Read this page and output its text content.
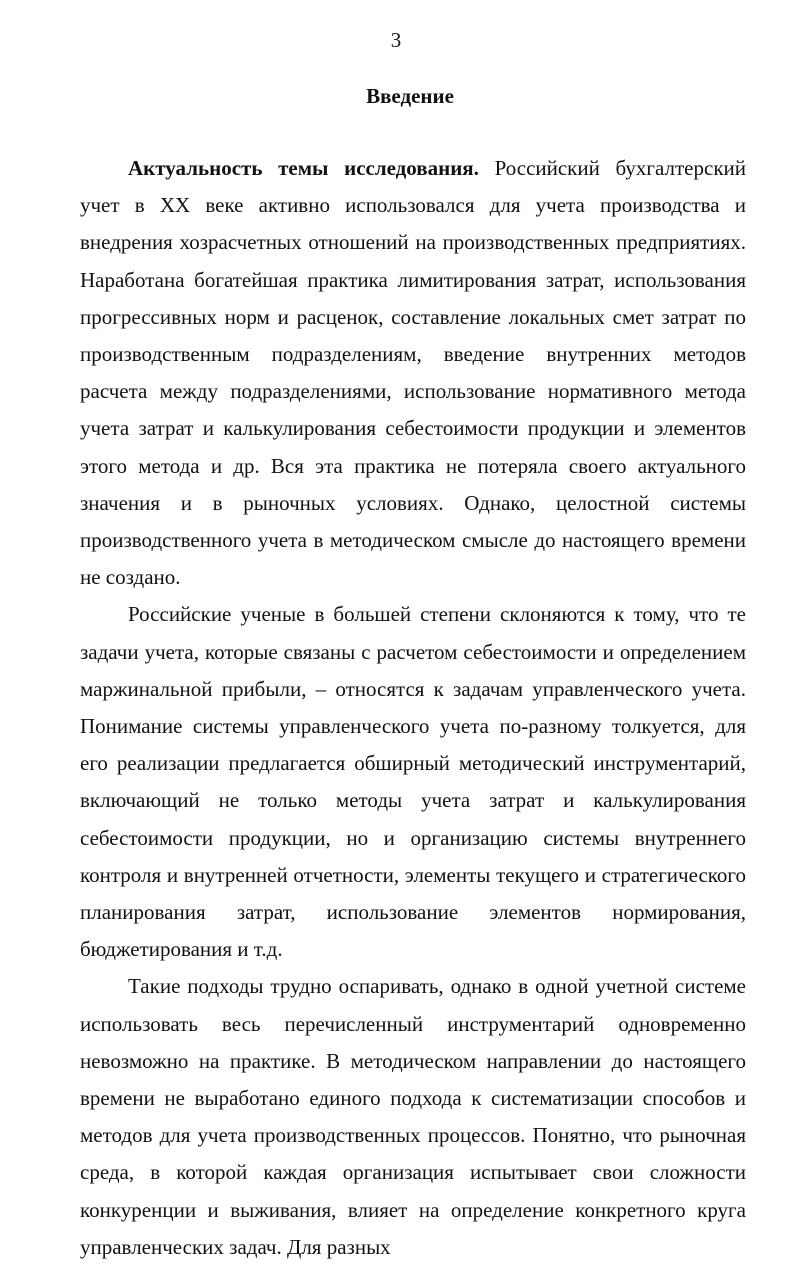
3
Введение

Актуальность темы исследования. Российский бухгалтерский учет в XX веке активно использовался для учета производства и внедрения хозрасчетных отношений на производственных предприятиях. Наработана богатейшая практика лимитирования затрат, использования прогрессивных норм и расценок, составление локальных смет затрат по производственным подразделениям, введение внутренних методов расчета между подразделениями, использование нормативного метода учета затрат и калькулирования себестоимости продукции и элементов этого метода и др. Вся эта практика не потеряла своего актуального значения и в рыночных условиях. Однако, целостной системы производственного учета в методическом смысле до настоящего времени не создано.

Российские ученые в большей степени склоняются к тому, что те задачи учета, которые связаны с расчетом себестоимости и определением маржинальной прибыли, – относятся к задачам управленческого учета. Понимание системы управленческого учета по-разному толкуется, для его реализации предлагается обширный методический инструментарий, включающий не только методы учета затрат и калькулирования себестоимости продукции, но и организацию системы внутреннего контроля и внутренней отчетности, элементы текущего и стратегического планирования затрат, использование элементов нормирования, бюджетирования и т.д.

Такие подходы трудно оспаривать, однако в одной учетной системе использовать весь перечисленный инструментарий одновременно невозможно на практике. В методическом направлении до настоящего времени не выработано единого подхода к систематизации способов и методов для учета производственных процессов. Понятно, что рыночная среда, в которой каждая организация испытывает свои сложности конкуренции и выживания, влияет на определение конкретного круга управленческих задач. Для разных
